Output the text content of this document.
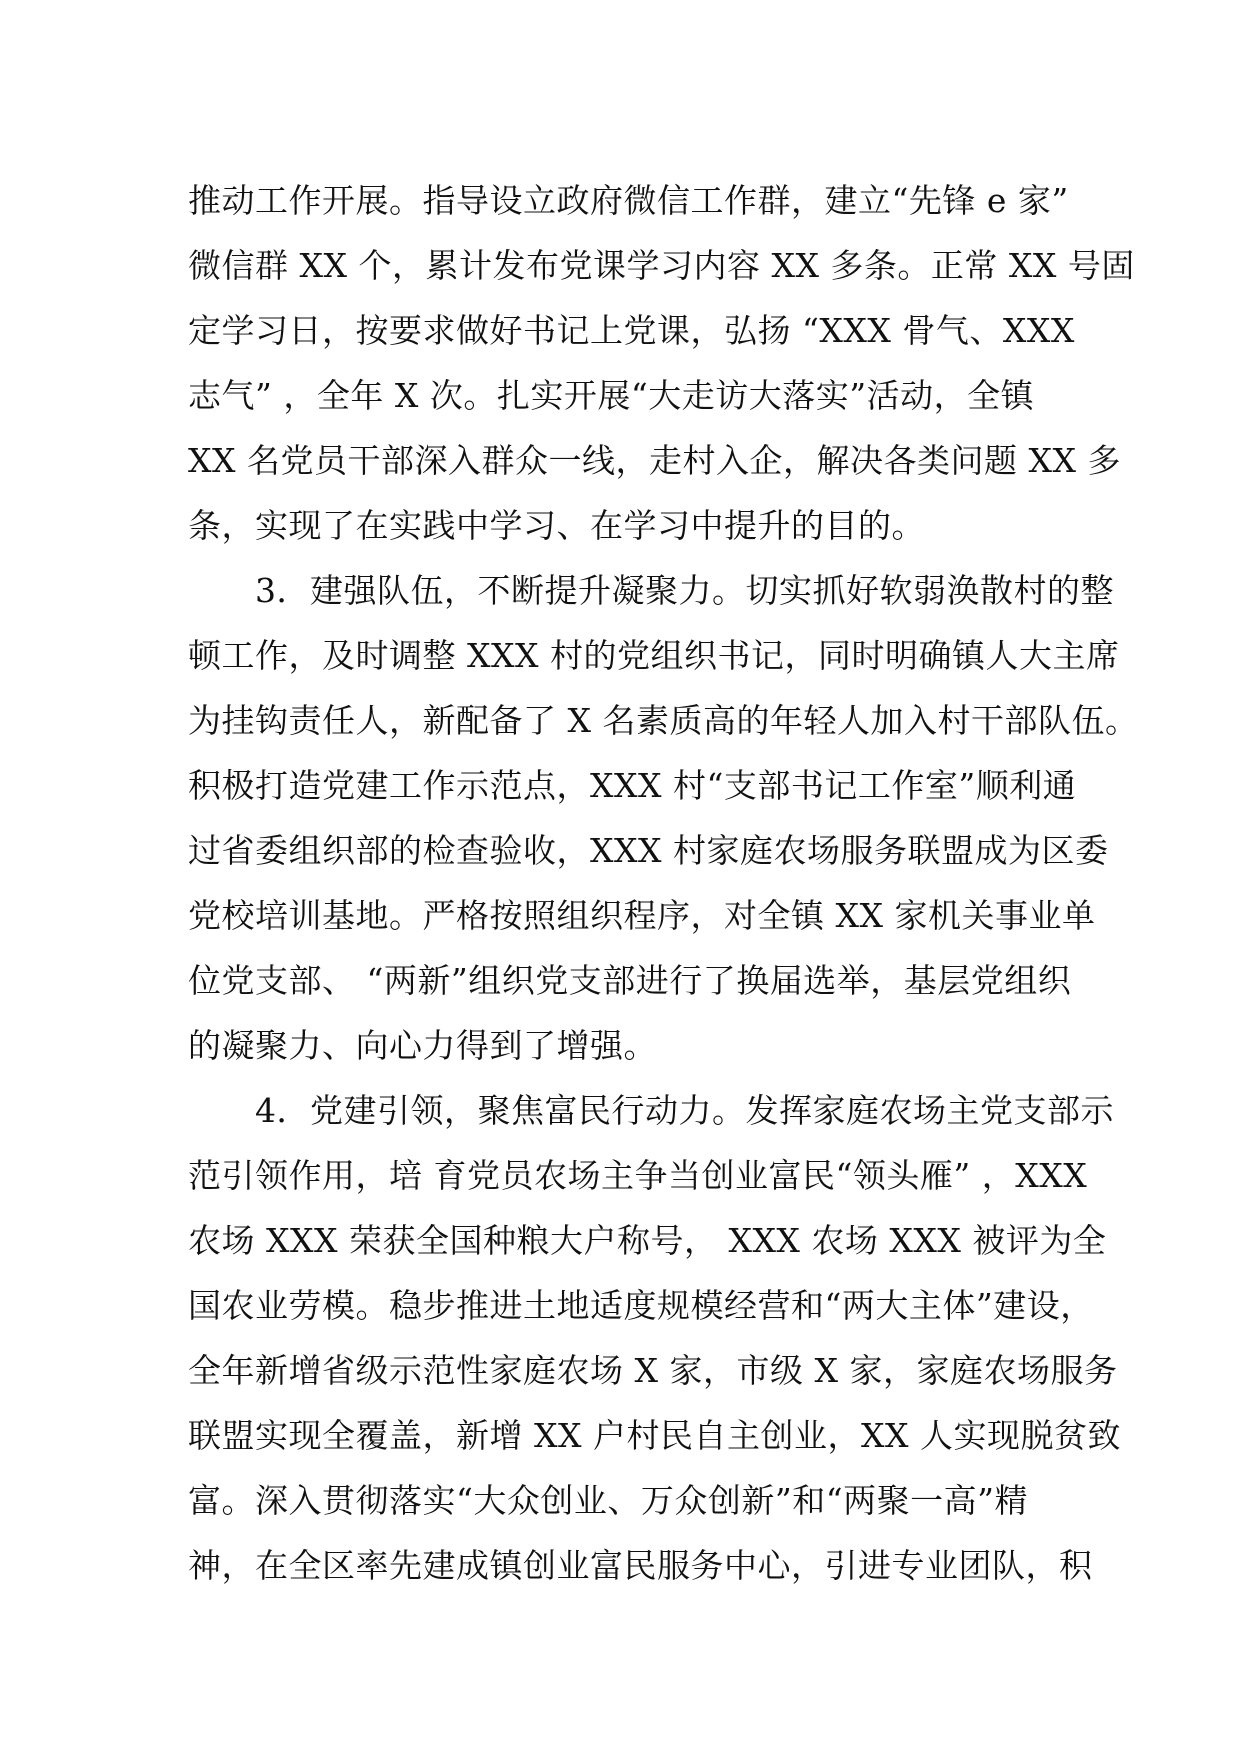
推动工作开展。指导设立政府微信工作群，建立“先锋 e 家”
微信群 XX 个，累计发布党课学习内容 XX 多条。正常 XX 号固
定学习日，按要求做好书记上党课，弘扬 “XXX 骨气、XXX
志气” ，全年 X 次。扎实开展“大走访大落实”活动，全镇
XX 名党员干部深入群众一线，走村入企，解决各类问题 XX 多
条，实现了在实践中学习、在学习中提升的目的。
　　3．建强队伍，不断提升凝聚力。切实抓好软弱涣散村的整
顿工作，及时调整 XXX 村的党组织书记，同时明确镇人大主席
为挂钩责任人，新配备了 X 名素质高的年轻人加入村干部队伍。
积极打造党建工作示范点，XXX 村“支部书记工作室”顺利通
过省委组织部的检查验收，XXX 村家庭农场服务联盟成为区委
党校培训基地。严格按照组织程序，对全镇 XX 家机关事业单
位党支部、 “两新”组织党支部进行了换届选举，基层党组织
的凝聚力、向心力得到了增强。
　　4．党建引领，聚焦富民行动力。发挥家庭农场主党支部示
范引领作用，培 育党员农场主争当创业富民“领头雁” ，XXX
农场 XXX 荣获全国种粮大户称号， XXX 农场 XXX 被评为全
国农业劳模。稳步推进土地适度规模经营和“两大主体”建设，
全年新增省级示范性家庭农场 X 家，市级 X 家，家庭农场服务
联盟实现全覆盖，新增 XX 户村民自主创业，XX 人实现脱贫致
富。深入贯彻落实“大众创业、万众创新”和“两聚一高”精
神，在全区率先建成镇创业富民服务中心，引进专业团队，积
